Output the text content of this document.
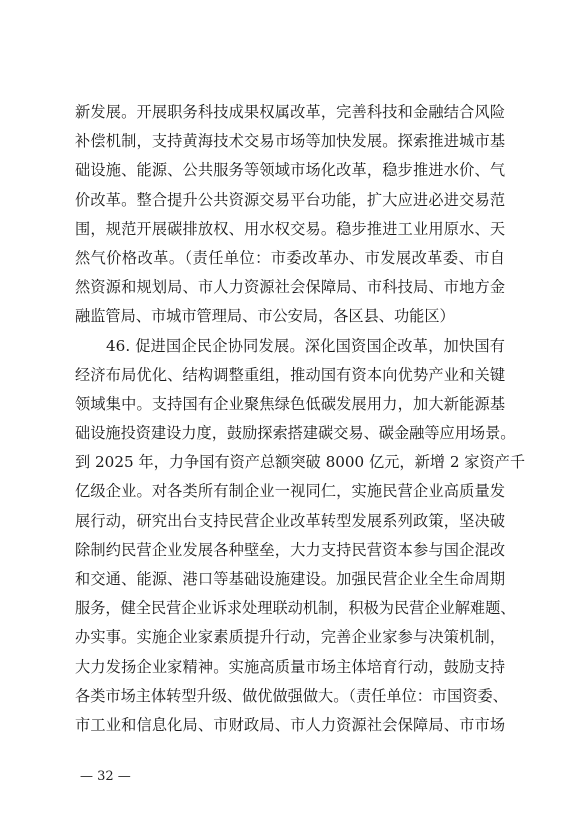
新发展。开展职务科技成果权属改革，完善科技和金融结合风险
补偿机制，支持黄海技术交易市场等加快发展。探索推进城市基
础设施、能源、公共服务等领域市场化改革，稳步推进水价、气
价改革。整合提升公共资源交易平台功能，扩大应进必进交易范
围，规范开展碳排放权、用水权交易。稳步推进工业用原水、天
然气价格改革。（责任单位：市委改革办、市发展改革委、市自
然资源和规划局、市人力资源社会保障局、市科技局、市地方金
融监管局、市城市管理局、市公安局，各区县、功能区）
46. 促进国企民企协同发展。深化国资国企改革，加快国有
经济布局优化、结构调整重组，推动国有资本向优势产业和关键
领域集中。支持国有企业聚焦绿色低碳发展用力，加大新能源基
础设施投资建设力度，鼓励探索搭建碳交易、碳金融等应用场景。
到 2025 年，力争国有资产总额突破 8000 亿元，新增 2 家资产千
亿级企业。对各类所有制企业一视同仁，实施民营企业高质量发
展行动，研究出台支持民营企业改革转型发展系列政策，坚决破
除制约民营企业发展各种壁垒，大力支持民营资本参与国企混改
和交通、能源、港口等基础设施建设。加强民营企业全生命周期
服务，健全民营企业诉求处理联动机制，积极为民营企业解难题、
办实事。实施企业家素质提升行动，完善企业家参与决策机制，
大力发扬企业家精神。实施高质量市场主体培育行动，鼓励支持
各类市场主体转型升级、做优做强做大。（责任单位：市国资委、
市工业和信息化局、市财政局、市人力资源社会保障局、市市场
— 32 —
